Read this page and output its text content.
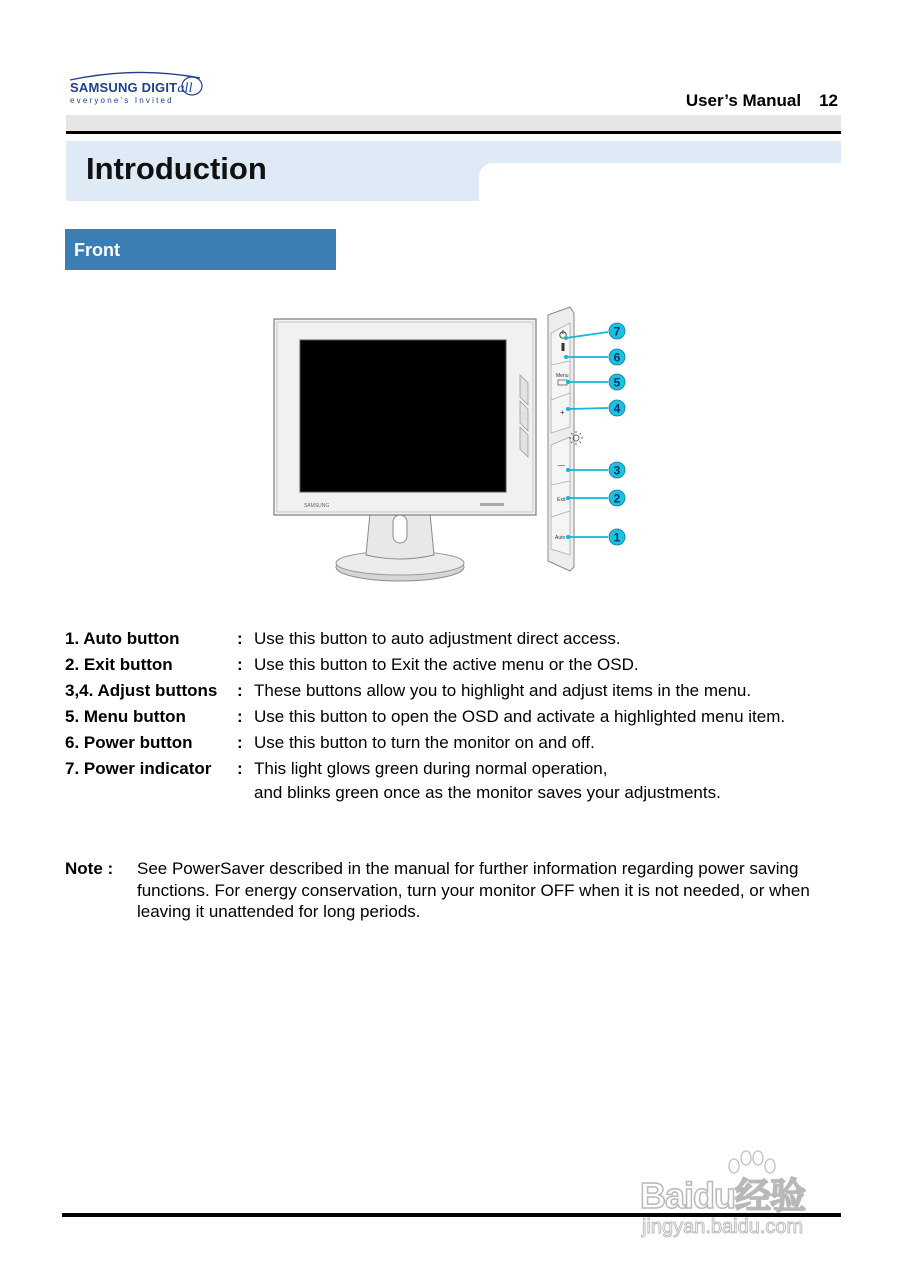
SAMSUNG DIGITall
everyone's Invited	User’s Manual 12
Introduction
Front
SAMSUNG
Menu
+
—
Exit
Auto
7
6
5
4
3
2
1
1. Auto button	: Use this button to auto adjustment direct access.
2. Exit button	: Use this button to Exit the active menu or the OSD.
3,4. Adjust buttons : These buttons allow you to highlight and adjust items in the menu.
5. Menu button	: Use this button to open the OSD and activate a highlighted menu item.
6. Power button	: Use this button to turn the monitor on and off.
7. Power indicator : This light glows green during normal operation,
and blinks green once as the monitor saves your adjustments.
Note : See PowerSaver described in the manual for further information regarding power saving functions. For energy conservation, turn your monitor OFF when it is not needed, or when leaving it unattended for long periods.
Baidu经验
jingyan.baidu.com
